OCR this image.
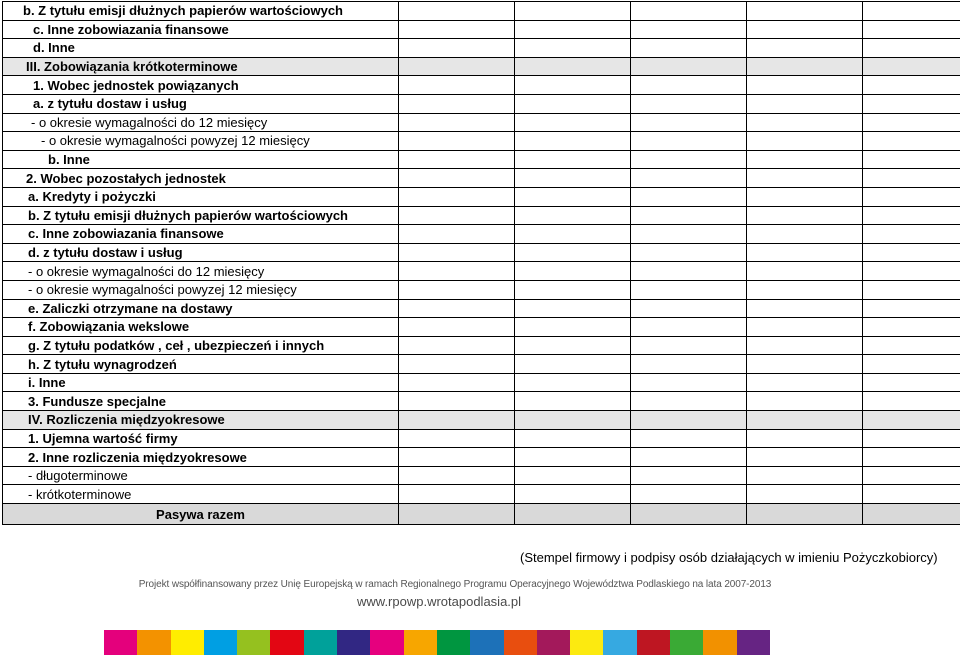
b. Z tytułu emisji dłużnych papierów wartościowych					
c. Inne zobowiazania finansowe					
d. Inne					
III. Zobowiązania krótkoterminowe					
1. Wobec jednostek powiązanych					
a. z tytułu dostaw i usług					
- o okresie wymagalności do 12 miesięcy					
- o okresie wymagalności powyzej 12 miesięcy					
b. Inne					
2. Wobec pozostałych jednostek					
a. Kredyty i pożyczki					
b. Z tytułu emisji dłużnych papierów wartościowych					
c. Inne zobowiazania finansowe					
d. z tytułu dostaw i usług					
- o okresie wymagalności do 12 miesięcy					
- o okresie wymagalności powyzej 12 miesięcy					
e. Zaliczki otrzymane na dostawy					
f. Zobowiązania wekslowe					
g. Z tytułu podatków , ceł , ubezpieczeń i innych					
h. Z tytułu wynagrodzeń					
i. Inne					
3. Fundusze specjalne					
IV. Rozliczenia międzyokresowe					
1. Ujemna wartość firmy					
2. Inne rozliczenia międzyokresowe					
- długoterminowe					
- krótkoterminowe					
Pasywa razem					
(Stempel firmowy i podpisy osób działających w imieniu Pożyczkobiorcy)
Projekt współfinansowany przez Unię Europejską w ramach Regionalnego Programu Operacyjnego Województwa Podlaskiego na lata 2007-2013
www.rpowp.wrotapodlasia.pl
